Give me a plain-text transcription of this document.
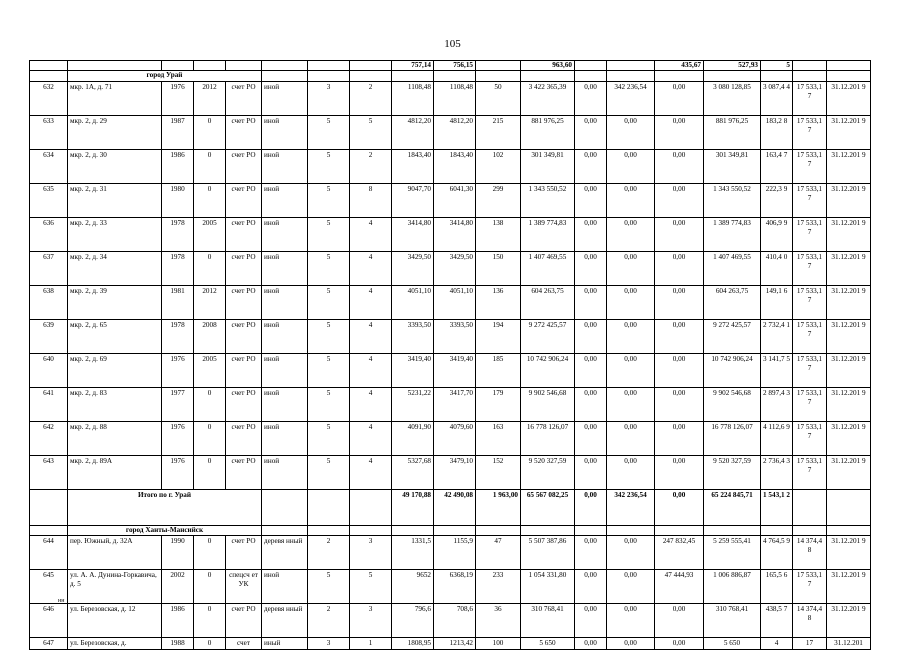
105
								757,14	756,15		963,60			435,67	527,93	5		
	город Урай																	
632	мкр. 1А, д. 71	1976	2012	счет РО	иной	3	2	1108,48	1108,48	50	3 422 365,39	0,00	342 236,54	0,00	3 080 128,85	3 087,4 4	17 533,1 7	31.12.201 9
633	мкр. 2, д. 29	1987	0	счет РО	иной	5	5	4812,20	4812,20	215	881 976,25	0,00	0,00	0,00	881 976,25	183,2 8	17 533,1 7	31.12.201 9
634	мкр. 2, д. 30	1986	0	счет РО	иной	5	2	1843,40	1843,40	102	301 349,81	0,00	0,00	0,00	301 349,81	163,4 7	17 533,1 7	31.12.201 9
635	мкр. 2, д. 31	1980	0	счет РО	иной	5	8	9047,70	6041,30	299	1 343 550,52	0,00	0,00	0,00	1 343 550,52	222,3 9	17 533,1 7	31.12.201 9
636	мкр. 2, д. 33	1978	2005	счет РО	иной	5	4	3414,80	3414,80	138	1 389 774,83	0,00	0,00	0,00	1 389 774,83	406,9 9	17 533,1 7	31.12.201 9
637	мкр. 2, д. 34	1978	0	счет РО	иной	5	4	3429,50	3429,50	150	1 407 469,55	0,00	0,00	0,00	1 407 469,55	410,4 0	17 533,1 7	31.12.201 9
638	мкр. 2, д. 39	1981	2012	счет РО	иной	5	4	4051,10	4051,10	136	604 263,75	0,00	0,00	0,00	604 263,75	149,1 6	17 533,1 7	31.12.201 9
639	мкр. 2, д. 65	1978	2008	счет РО	иной	5	4	3393,50	3393,50	194	9 272 425,57	0,00	0,00	0,00	9 272 425,57	2 732,4 1	17 533,1 7	31.12.201 9
640	мкр. 2, д. 69	1976	2005	счет РО	иной	5	4	3419,40	3419,40	185	10 742 906,24	0,00	0,00	0,00	10 742 906,24	3 141,7 5	17 533,1 7	31.12.201 9
641	мкр. 2, д. 83	1977	0	счет РО	иной	5	4	5231,22	3417,70	179	9 902 546,68	0,00	0,00	0,00	9 902 546,68	2 897,4 3	17 533,1 7	31.12.201 9
642	мкр. 2, д. 88	1976	0	счет РО	иной	5	4	4091,90	4079,60	163	16 778 126,07	0,00	0,00	0,00	16 778 126,07	4 112,6 9	17 533,1 7	31.12.201 9
643	мкр. 2, д. 89А	1976	0	счет РО	иной	5	4	5327,68	3479,10	152	9 520 327,59	0,00	0,00	0,00	9 520 327,59	2 736,4 3	17 533,1 7	31.12.201 9
	Итого по г. Урай							49 170,88	42 490,08	1 963,00	65 567 082,25	0,00	342 236,54	0,00	65 224 845,71	1 543,1 2		
	город Ханты-Мансийск																	
644	пер. Южный, д. 32А	1990	0	счет РО	деревя нный	2	3	1331,5	1155,9	47	5 507 387,86	0,00	0,00	247 832,45	5 259 555,41	4 764,5 9	14 374,4 8	31.12.201 9
645	ул. А. А. Дунина-Горкавича, д. 5	2002	0	спецсч ет УК	иной	5	5	9652	6368,19	233	1 054 331,80	0,00	0,00	47 444,93	1 006 886,87	165,5 6	17 533,1 7	31.12.201 9
646	ул. Березовская, д. 12	1986	0	счет РО	деревя нный	2	3	796,6	708,6	36	310 768,41	0,00	0,00	0,00	310 768,41	438,5 7	14 374,4 8	31.12.201 9
647	ул. Березовская, д.	1988	0	счет	иный	3	1	1808,95	1213,42	100	5 650	0,00	0,00	0,00	5 650	4	17	31.12.201
нн
